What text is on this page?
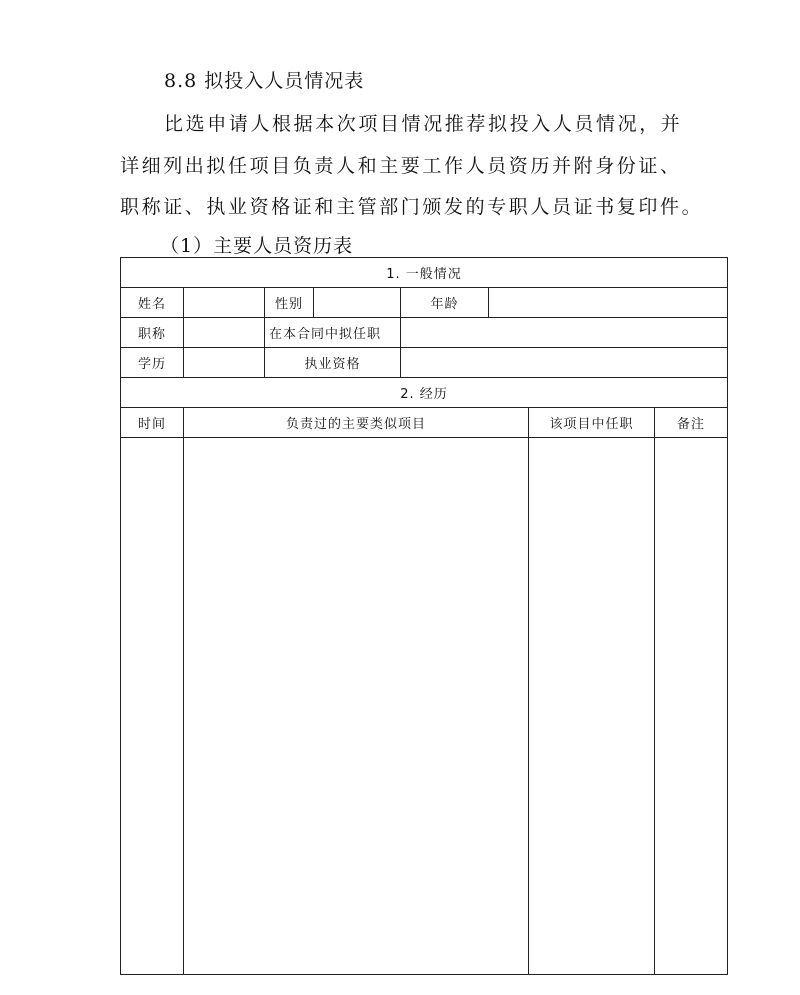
8.8 拟投入人员情况表
比选申请人根据本次项目情况推荐拟投入人员情况，并
详细列出拟任项目负责人和主要工作人员资历并附身份证、
职称证、执业资格证和主管部门颁发的专职人员证书复印件。
（1）主要人员资历表
1. 一般情况							
姓名		性别		年龄			
职称		在本合同中拟任职					
学历		执业资格					
2. 经历							
时间	负责过的主要类似项目					该项目中任职	备注
